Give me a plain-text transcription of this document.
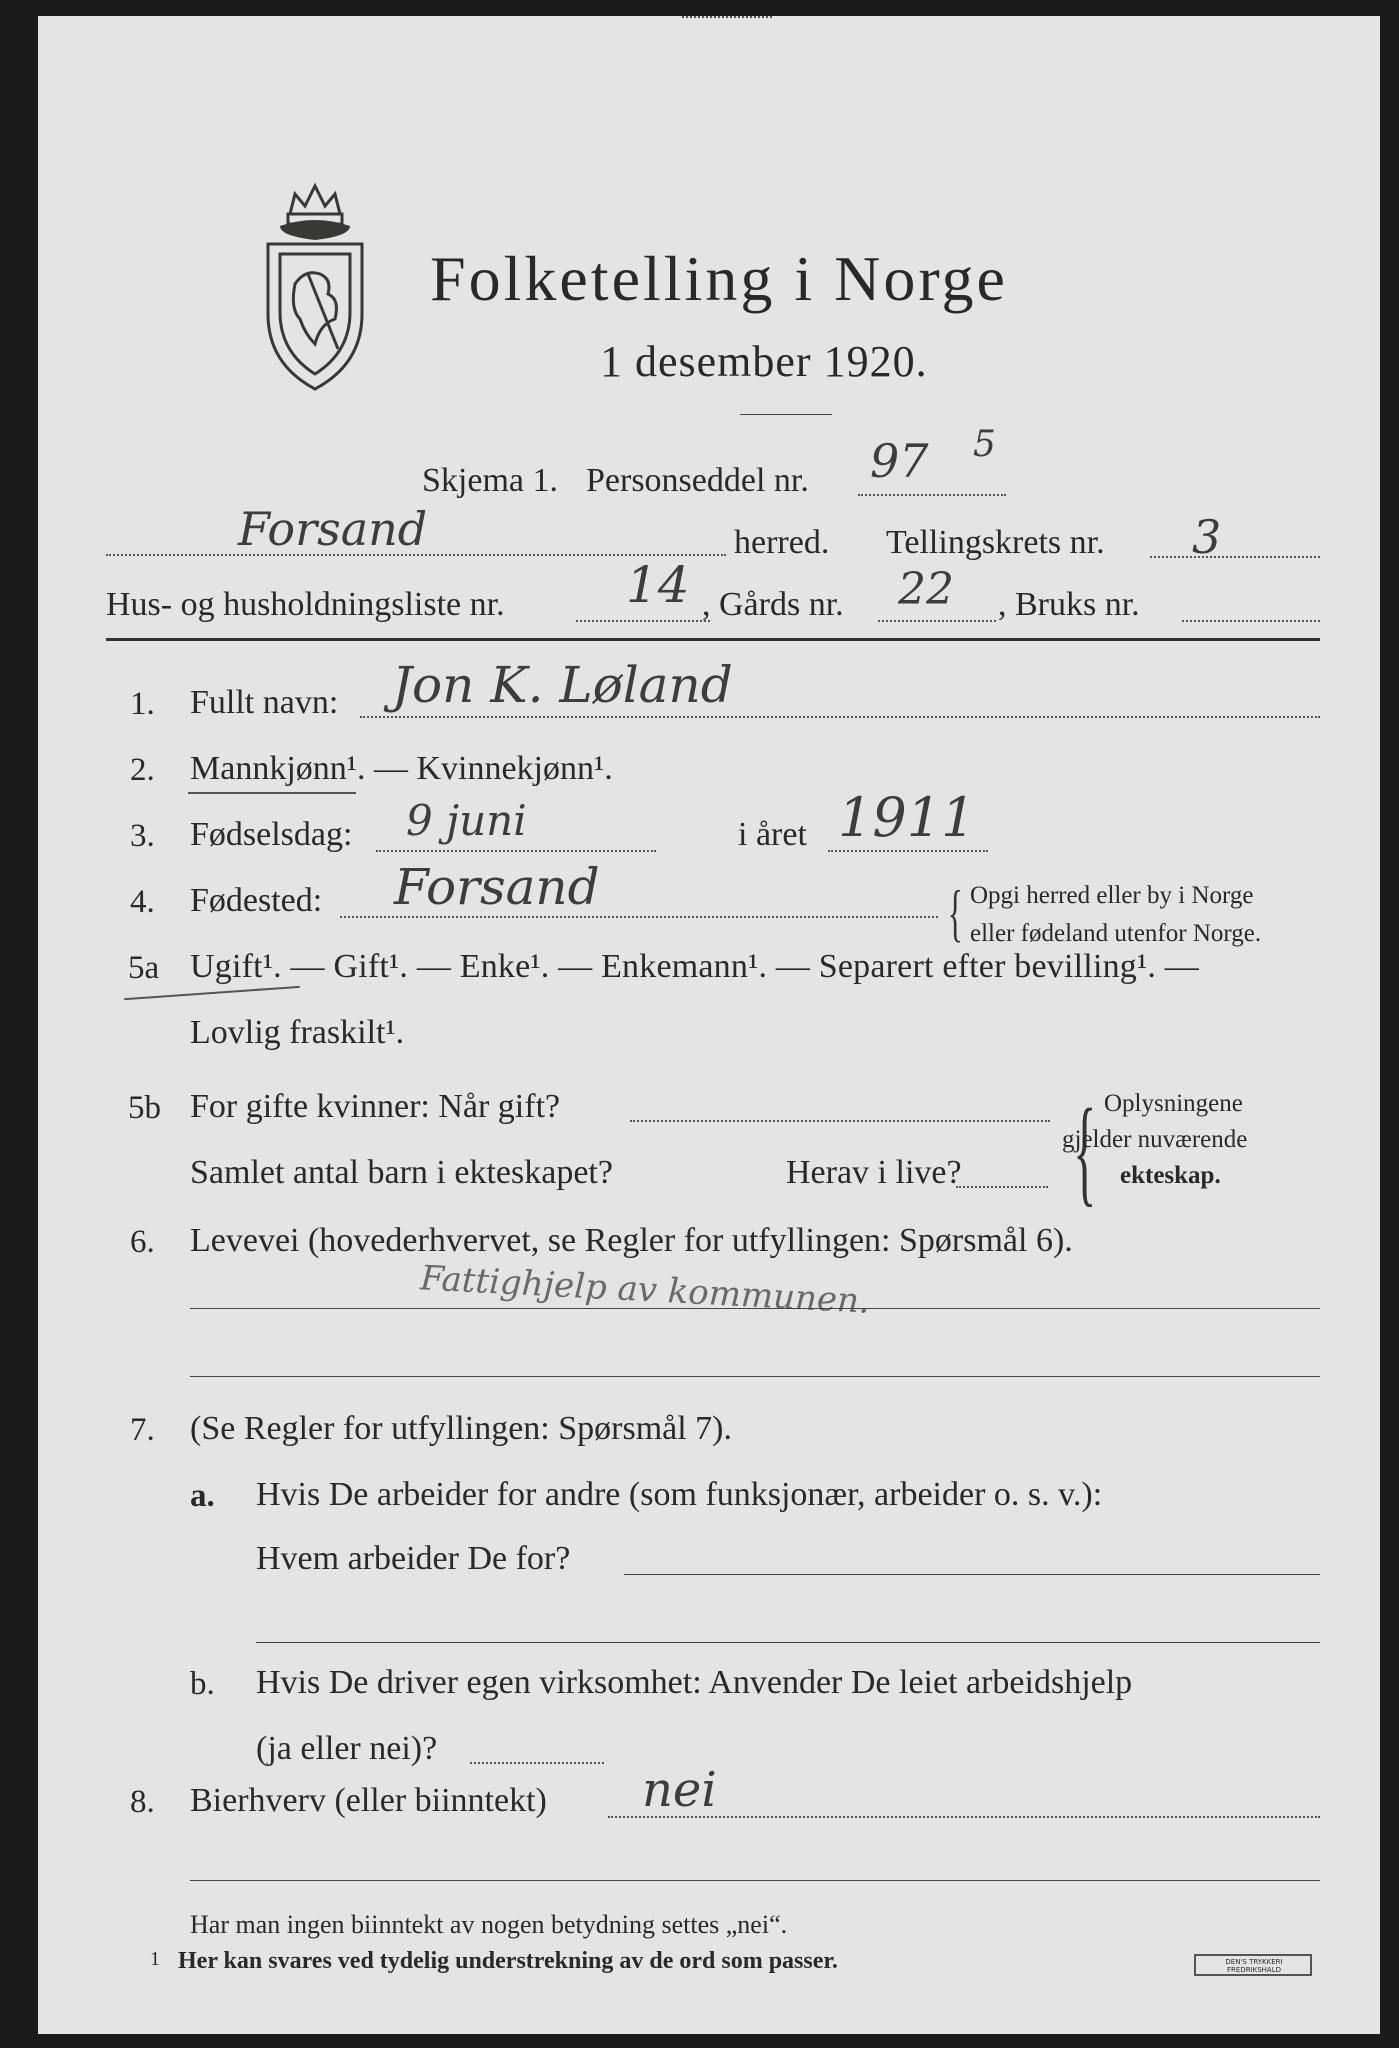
Folketelling i Norge
1 desember 1920.
Skjema 1. Personseddel nr. 97 5
Forsand	herred. Tellingskrets nr. 3
Hus- og husholdningsliste nr. 14 , Gårds nr. 22 , Bruks nr.
1. Fullt navn: Jon K. Løland
2. Mannkjønn¹. — Kvinnekjønn¹.
3. Fødselsdag: 9 juni	i året 1911
4. Fødested: Forsand	{ Opgi herred eller by i Norge
eller fødeland utenfor Norge.
5a Ugift¹. — Gift¹. — Enke¹. — Enkemann¹. — Separert efter bevilling¹. —
Lovlig fraskilt¹.
5b For gifte kvinner: Når gift?
Samlet antal barn i ekteskapet?	Herav i live? { Oplysningene
gjelder nuværende
ekteskap.
6. Levevei (hovederhvervet, se Regler for utfyllingen: Spørsmål 6).
Fattighjelp av kommunen.
7. (Se Regler for utfyllingen: Spørsmål 7).
a. Hvis De arbeider for andre (som funksjonær, arbeider o. s. v.):
Hvem arbeider De for?
b. Hvis De driver egen virksomhet: Anvender De leiet arbeidshjelp
(ja eller nei)?
8. Bierhverv (eller biinntekt) nei
Har man ingen biinntekt av nogen betydning settes „nei“.
1 Her kan svares ved tydelig understrekning av de ord som passer.	DEN'S TRYKKERI FREDRIKSHALD
